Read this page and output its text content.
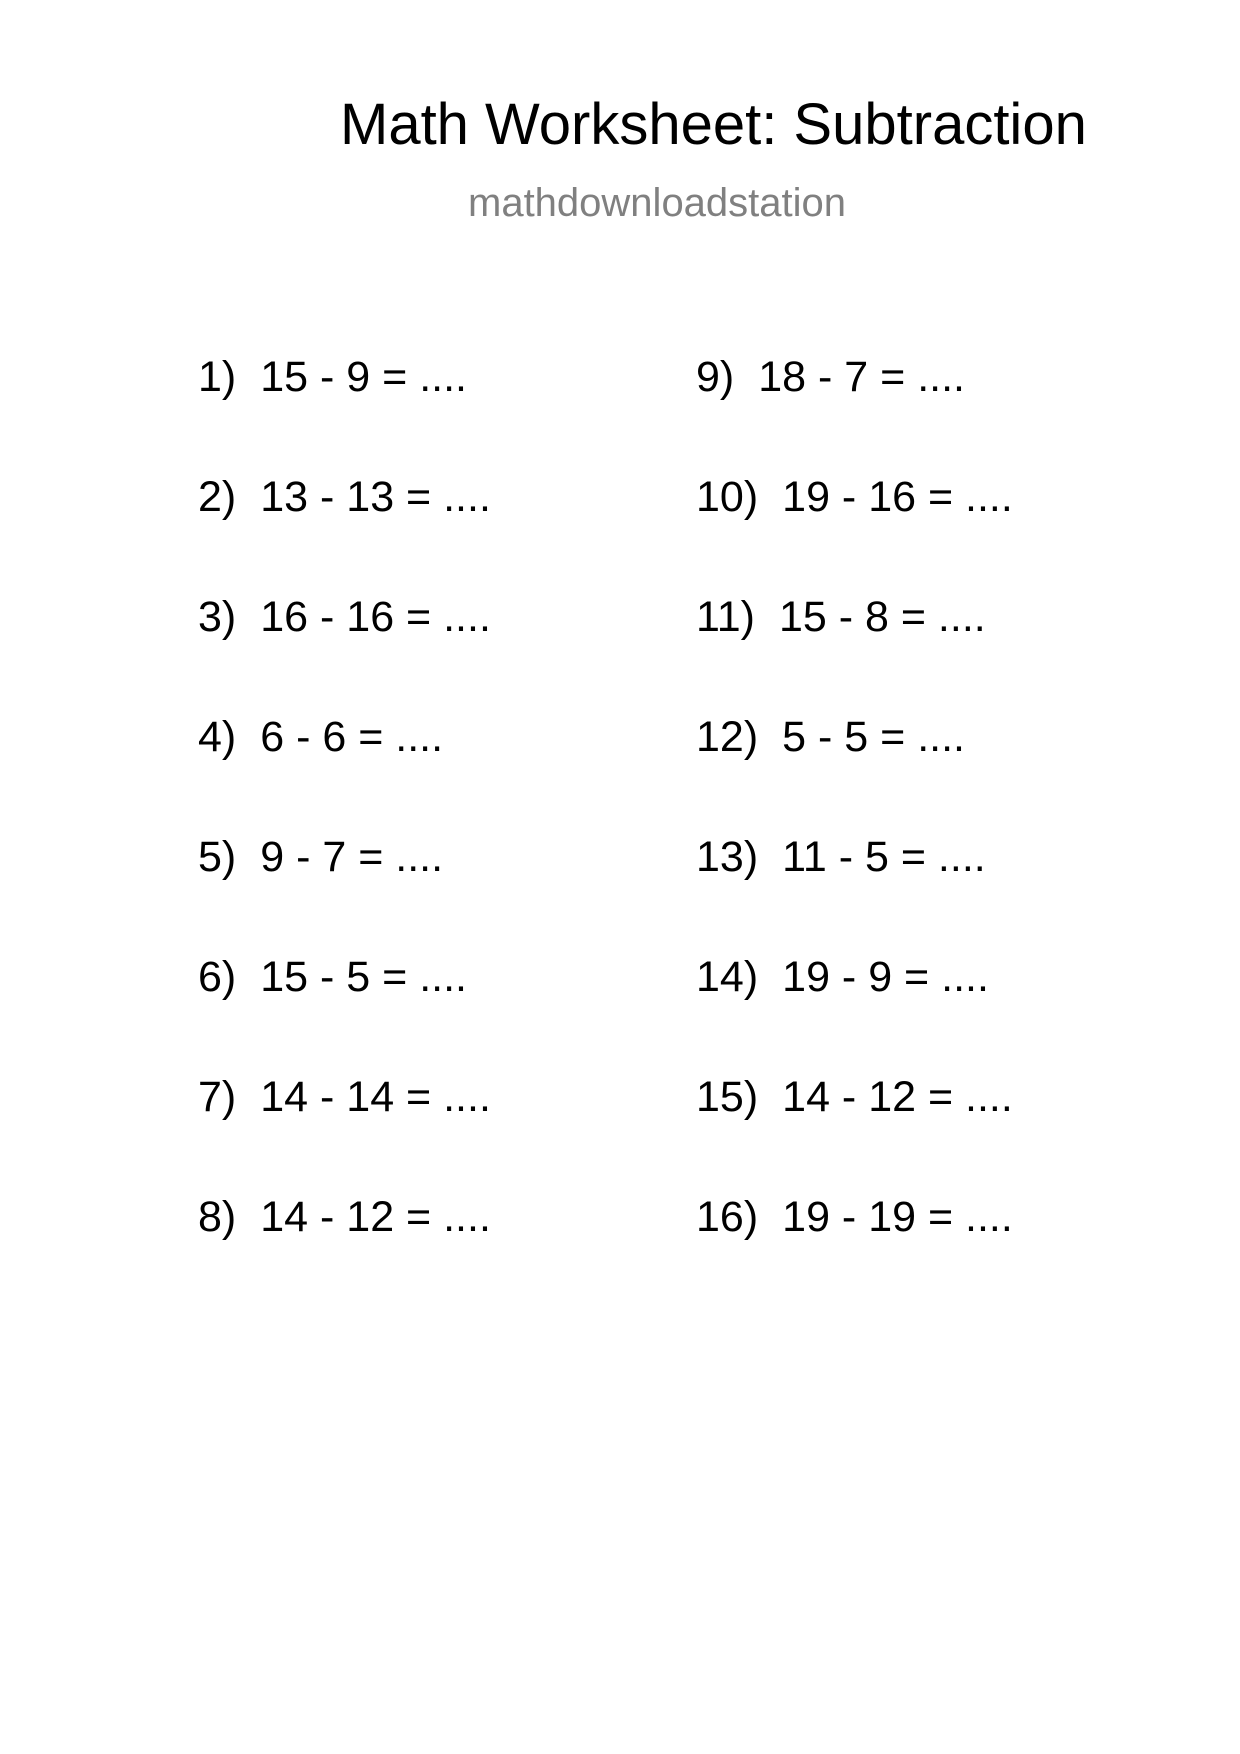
Math Worksheet: Subtraction
mathdownloadstation
1) 15 - 9 = ....
2) 13 - 13 = ....
3) 16 - 16 = ....
4) 6 - 6 = ....
5) 9 - 7 = ....
6) 15 - 5 = ....
7) 14 - 14 = ....
8) 14 - 12 = ....
9) 18 - 7 = ....
10) 19 - 16 = ....
11) 15 - 8 = ....
12) 5 - 5 = ....
13) 11 - 5 = ....
14) 19 - 9 = ....
15) 14 - 12 = ....
16) 19 - 19 = ....
